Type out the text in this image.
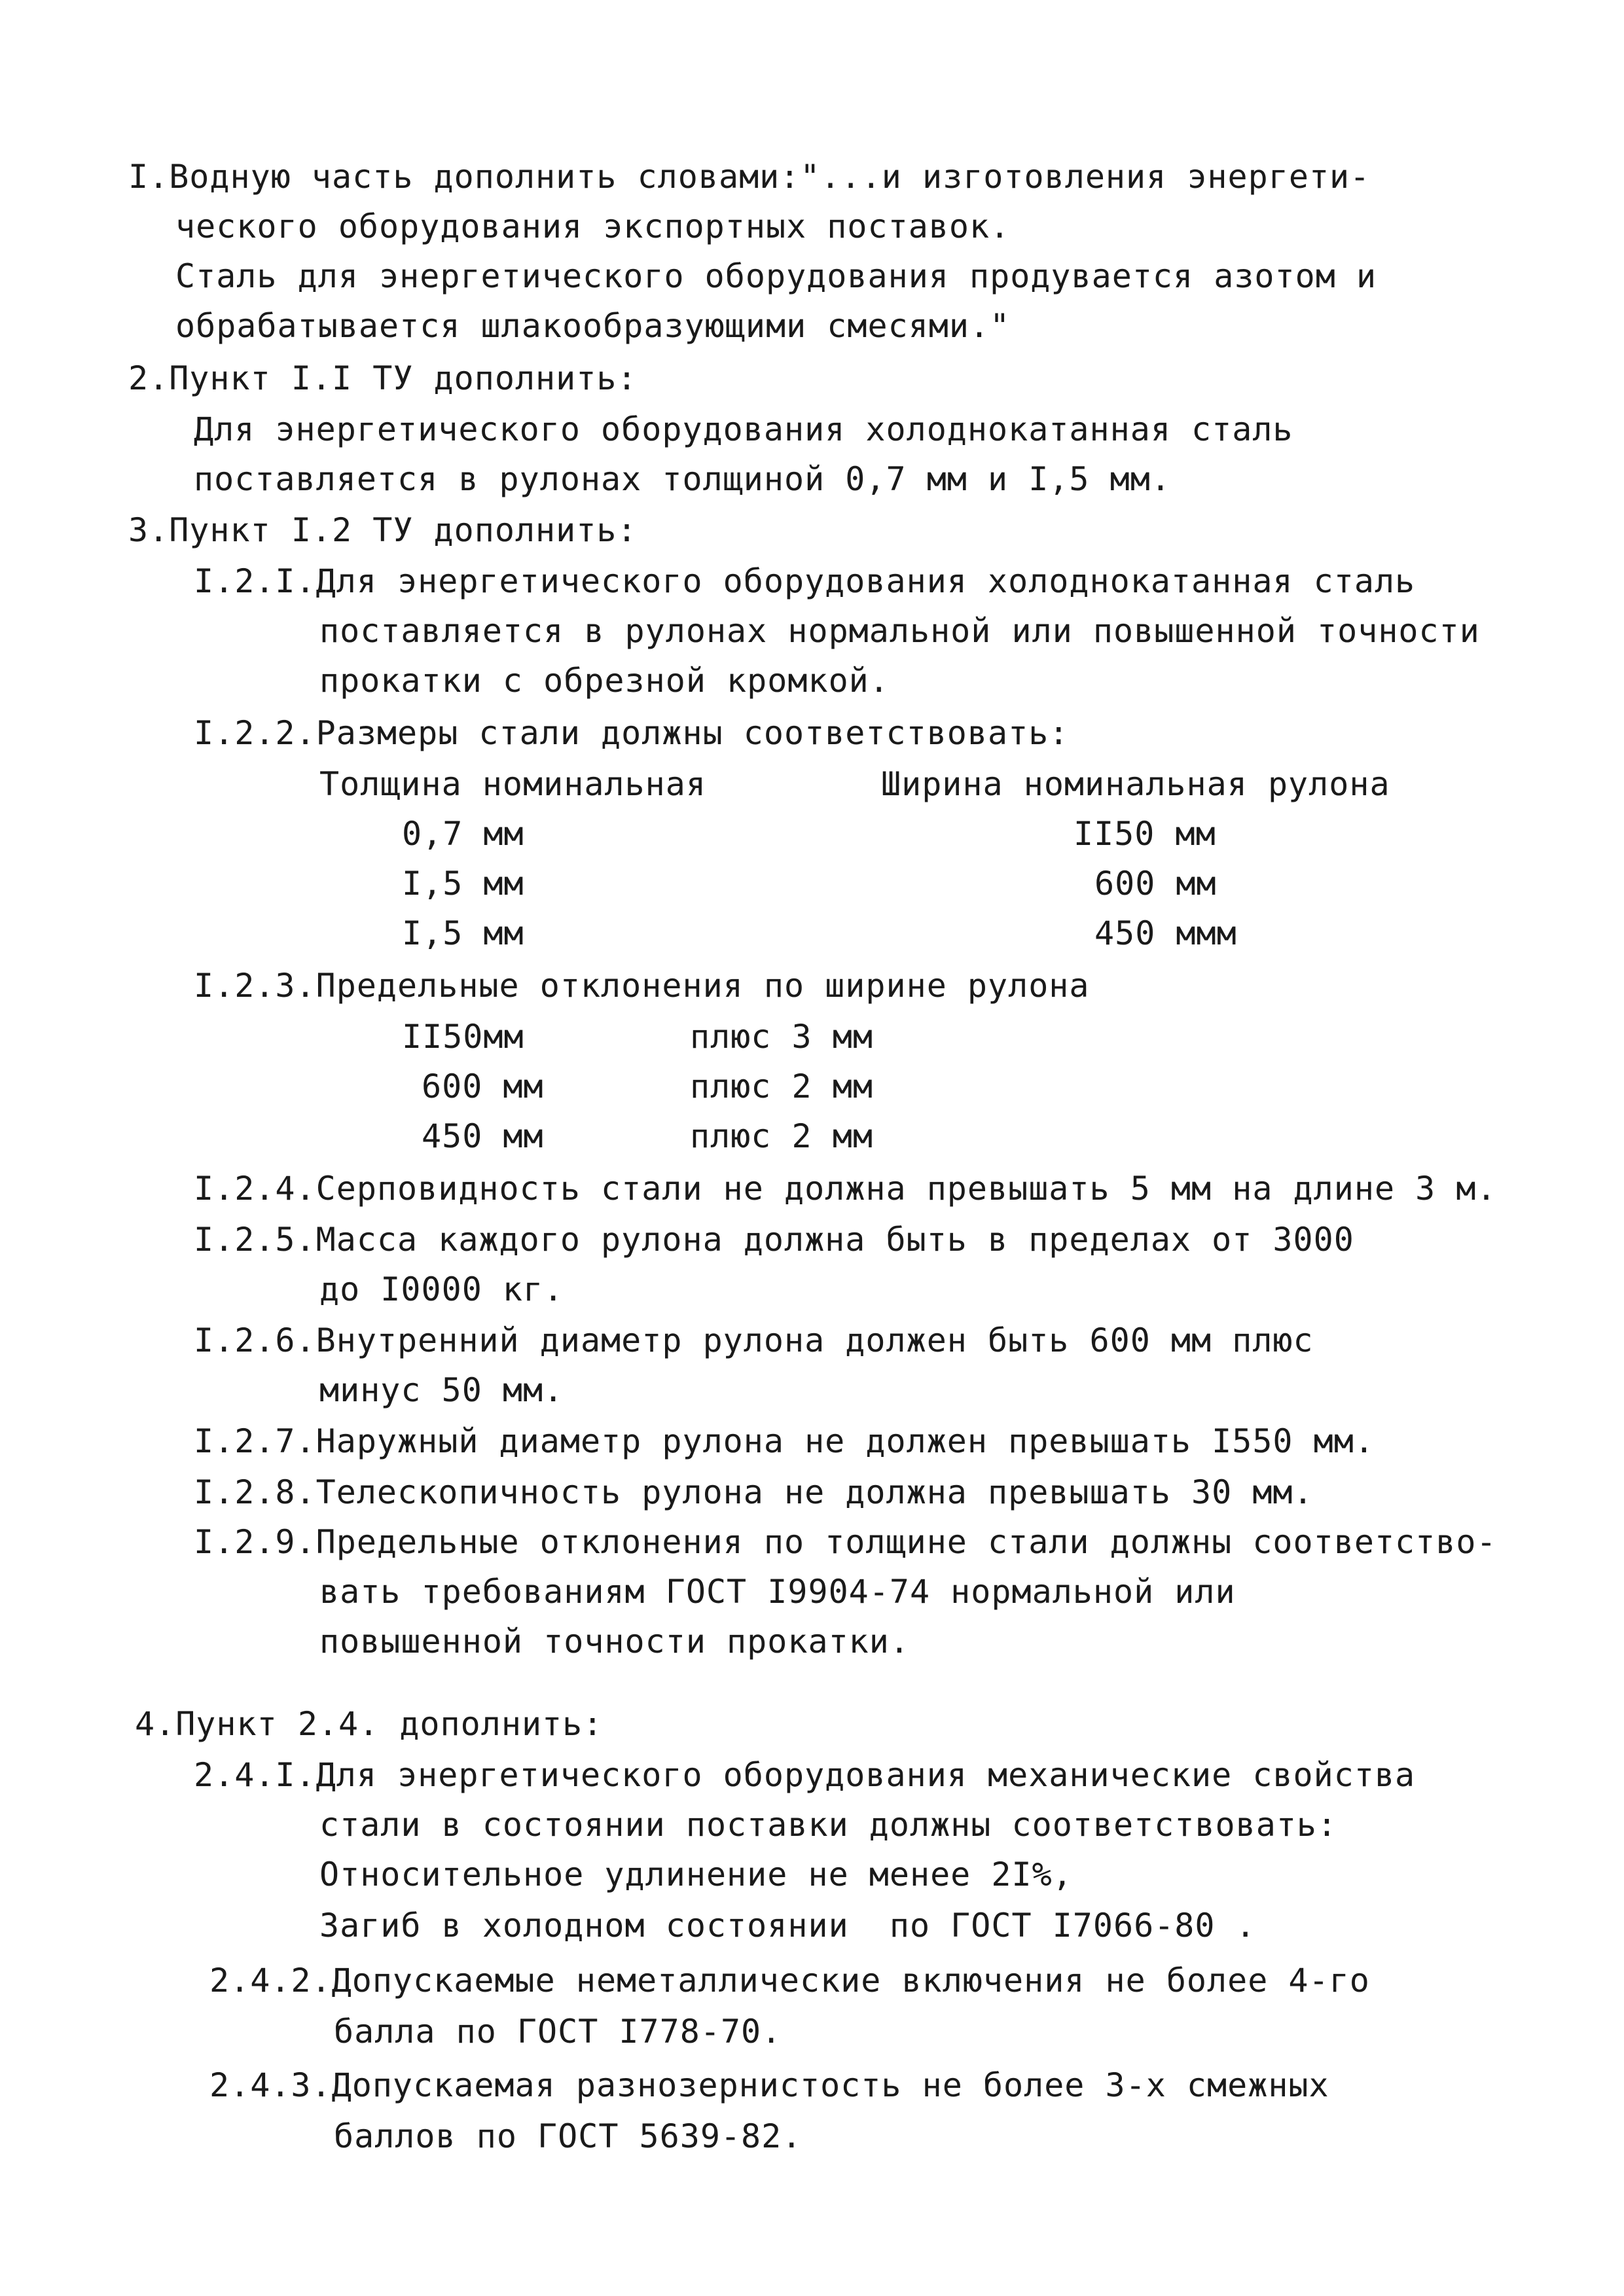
I.Водную часть дополнить словами:"...и изготовления энергети-
ческого оборудования экспортных поставок.
Сталь для энергетического оборудования продувается азотом и
обрабатывается шлакообразующими смесями."
2.Пункт I.I ТУ дополнить:
Для энергетического оборудования холоднокатанная сталь
поставляется в рулонах толщиной 0,7 мм и I,5 мм.
3.Пункт I.2 ТУ дополнить:
I.2.I.Для энергетического оборудования холоднокатанная сталь
поставляется в рулонах нормальной или повышенной точности
прокатки с обрезной кромкой.
I.2.2.Размеры стали должны соответствовать:
Толщина номинальная	Ширина номинальная рулона
0,7 мм	II50 мм
I,5 мм	600 мм
I,5 мм	450 ммм
I.2.3.Предельные отклонения по ширине рулона
II50мм	плюс 3 мм
600 мм	плюс 2 мм
450 мм	плюс 2 мм
I.2.4.Серповидность стали не должна превышать 5 мм на длине 3 м.
I.2.5.Масса каждого рулона должна быть в пределах от 3000
до I0000 кг.
I.2.6.Внутренний диаметр рулона должен быть 600 мм плюс
минус 50 мм.
I.2.7.Наружный диаметр рулона не должен превышать I550 мм.
I.2.8.Телескопичность рулона не должна превышать 30 мм.
I.2.9.Предельные отклонения по толщине стали должны соответство-
вать требованиям ГОСТ I9904-74 нормальной или
повышенной точности прокатки.
4.Пункт 2.4. дополнить:
2.4.I.Для энергетического оборудования механические свойства
стали в состоянии поставки должны соответствовать:
Относительное удлинение не менее 2I%,
Загиб в холодном состоянии  по ГОСТ I7066-80 .
2.4.2.Допускаемые неметаллические включения не более 4-го
балла по ГОСТ I778-70.
2.4.3.Допускаемая разнозернистость не более 3-х смежных
баллов по ГОСТ 5639-82.
